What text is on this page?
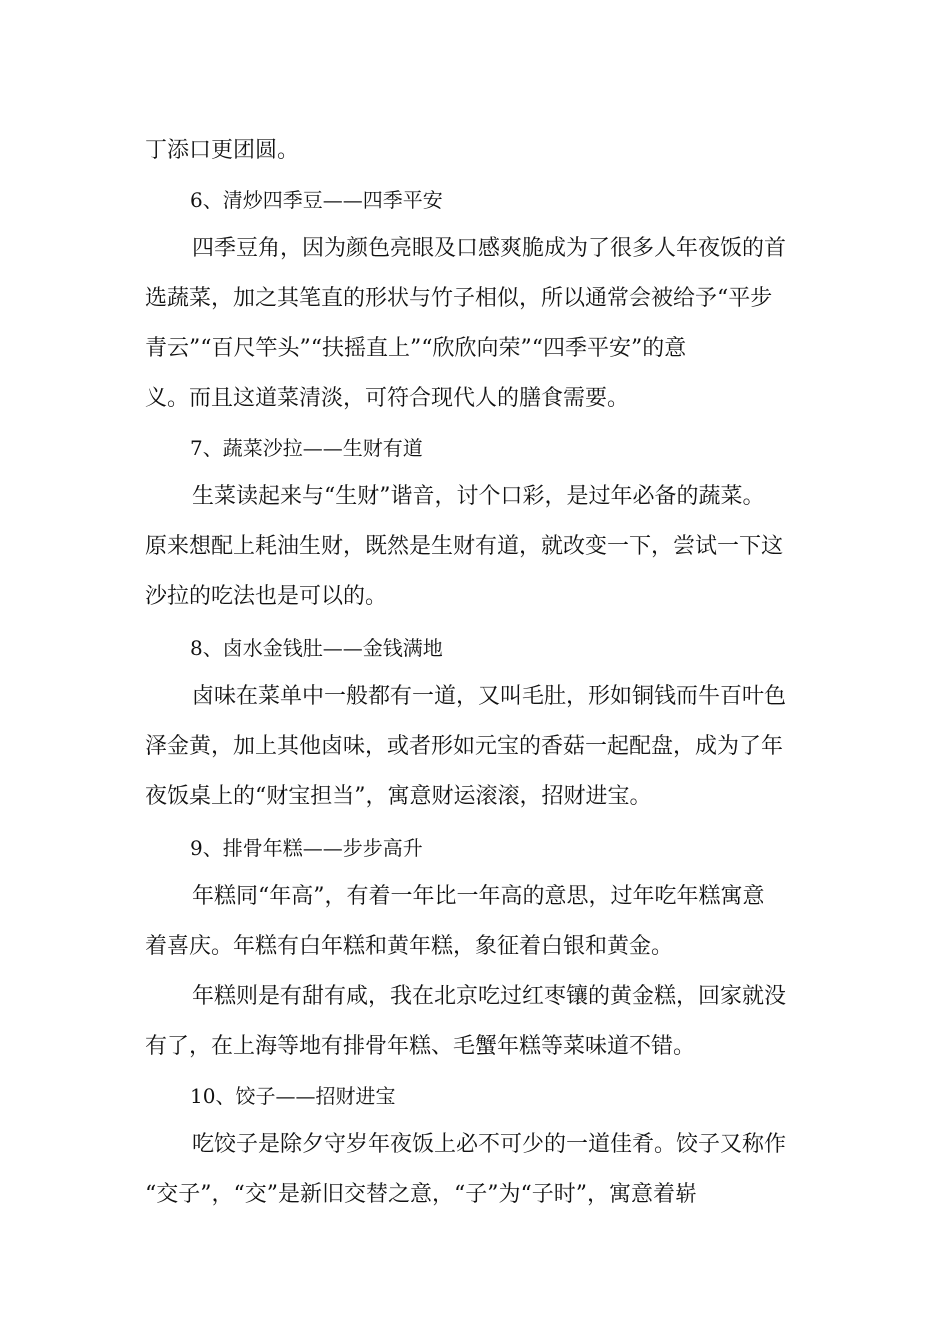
丁添口更团圆。
6、清炒四季豆——四季平安
四季豆角，因为颜色亮眼及口感爽脆成为了很多人年夜饭的首
选蔬菜，加之其笔直的形状与竹子相似，所以通常会被给予“平步
青云”“百尺竿头”“扶摇直上”“欣欣向荣”“四季平安”的意
义。而且这道菜清淡，可符合现代人的膳食需要。
7、蔬菜沙拉——生财有道
生菜读起来与“生财”谐音，讨个口彩，是过年必备的蔬菜。
原来想配上耗油生财，既然是生财有道，就改变一下，尝试一下这
沙拉的吃法也是可以的。
8、卤水金钱肚——金钱满地
卤味在菜单中一般都有一道，又叫毛肚，形如铜钱而牛百叶色
泽金黄，加上其他卤味，或者形如元宝的香菇一起配盘，成为了年
夜饭桌上的“财宝担当”，寓意财运滚滚，招财进宝。
9、排骨年糕——步步高升
年糕同“年高”，有着一年比一年高的意思，过年吃年糕寓意
着喜庆。年糕有白年糕和黄年糕，象征着白银和黄金。
年糕则是有甜有咸，我在北京吃过红枣镶的黄金糕，回家就没
有了，在上海等地有排骨年糕、毛蟹年糕等菜味道不错。
10、饺子——招财进宝
吃饺子是除夕守岁年夜饭上必不可少的一道佳肴。饺子又称作
“交子”，“交”是新旧交替之意，“子”为“子时”，寓意着崭
